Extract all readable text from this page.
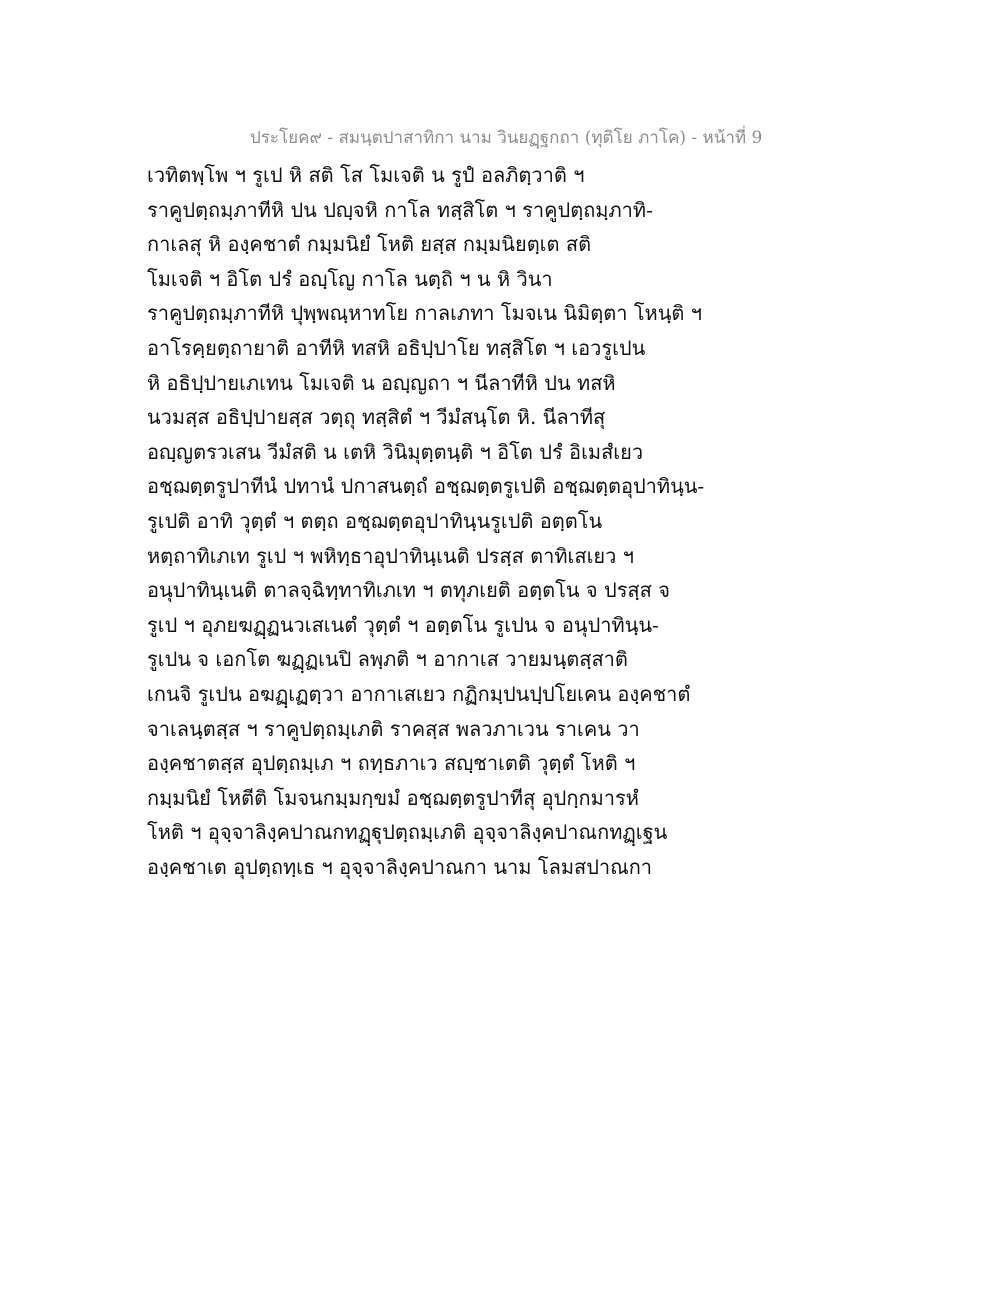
ประโยค๙ - สมนฺตปาสาทิกา นาม วินยฏฺฐกถา (ทุติโย ภาโค) - หน้าที่ 9
เวทิตพฺโพ ฯ รูเป หิ สติ โส โมเจติ น รูปํ อลภิตฺวาติ ฯ
ราคูปตฺถมฺภาทีหิ ปน ปญฺจหิ กาโล ทสฺสิโต ฯ ราคูปตฺถมฺภาทิ-
กาเลสุ หิ องฺคชาตํ กมฺมนิยํ โหติ ยสฺส กมฺมนิยตฺเต สติ
โมเจติ ฯ อิโต ปรํ อญฺโญ กาโล นตฺถิ ฯ น หิ วินา
ราคูปตฺถมฺภาทีหิ ปุพฺพณฺหาทโย กาลเภทา โมจเน นิมิตฺตา โหนฺติ ฯ
อาโรคฺยตฺถายาติ อาทีหิ ทสหิ อธิปฺปาโย ทสฺสิโต ฯ เอวรูเปน
หิ อธิปฺปายเภเทน โมเจติ น อญฺญถา ฯ นีลาทีหิ ปน ทสหิ
นวมสฺส อธิปฺปายสฺส วตฺถุ ทสฺสิตํ ฯ วีมํสนฺโต หิ. นีลาทีสุ
อญฺญตรวเสน วีมํสติ น เตหิ วินิมุตฺตนฺติ ฯ อิโต ปรํ อิเมสํเยว
อชฺฌตฺตรูปาทีนํ ปทานํ ปกาสนตฺถํ อชฺฌตฺตรูเปติ อชฺฌตฺตอุปาทินฺน-
รูเปติ อาทิ วุตฺตํ ฯ ตตฺถ อชฺฌตฺตอุปาทินฺนรูเปติ อตฺตโน
หตฺถาทิเภเท รูเป ฯ พหิทฺธาอุปาทินฺเนติ ปรสฺส ตาทิเสเยว ฯ
อนุปาทินฺเนติ ตาลจฺฉิทฺทาทิเภเท ฯ ตทุภเยติ อตฺตโน จ ปรสฺส จ
รูเป ฯ อุภยฆฏฺฏนวเสเนตํ วุตฺตํ ฯ อตฺตโน รูเปน จ อนุปาทินฺน-
รูเปน จ เอกโต ฆฏฺฏเนปิ ลพฺภติ ฯ อากาเส วายมนฺตสฺสาติ
เกนจิ รูเปน อฆฏฺเฏตฺวา อากาเสเยว กฏิกมฺปนปฺปโยเคน องฺคชาตํ
จาเลนฺตสฺส ฯ ราคูปตฺถมฺเภติ ราคสฺส พลวภาเวน ราเคน วา
องฺคชาตสฺส อุปตฺถมฺเภ ฯ ถทฺธภาเว สญฺชาเตติ วุตฺตํ โหติ ฯ
กมฺมนิยํ โหตีติ โมจนกมฺมกฺขมํ อชฺฌตฺตรูปาทีสุ อุปกฺกมารหํ
โหติ ฯ อุจฺจาลิงฺคปาณกทฏฺฐุปตฺถมฺเภติ อุจฺจาลิงฺคปาณกทฏฺเฐน
องฺคชาเต อุปตฺถทฺเธ ฯ อุจฺจาลิงฺคปาณกา นาม โลมสปาณกา
